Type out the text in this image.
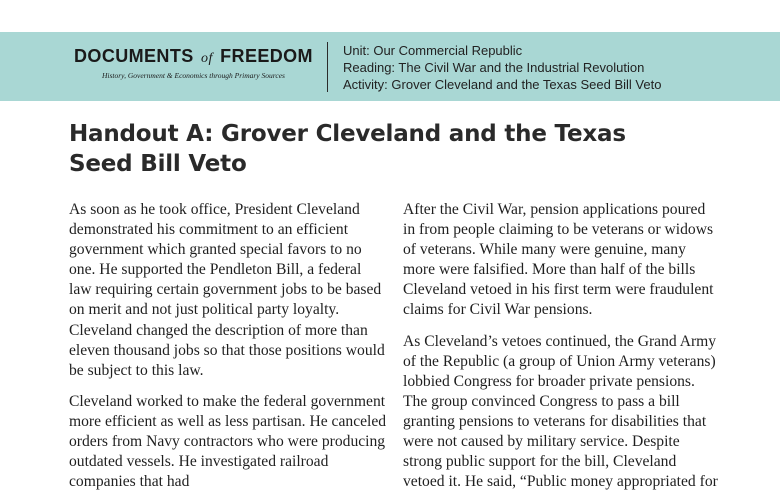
DOCUMENTS of FREEDOM
History, Government & Economics through Primary Sources
Unit: Our Commercial Republic
Reading: The Civil War and the Industrial Revolution
Activity: Grover Cleveland and the Texas Seed Bill Veto
Handout A: Grover Cleveland and the Texas Seed Bill Veto

As soon as he took office, President Cleveland demonstrated his commitment to an efficient government which granted special favors to no one. He supported the Pendleton Bill, a federal law requiring certain government jobs to be based on merit and not just political party loyalty. Cleveland changed the description of more than eleven thousand jobs so that those positions would be subject to this law.

Cleveland worked to make the federal government more efficient as well as less partisan. He canceled orders from Navy contractors who were producing outdated vessels. He investigated railroad companies that had

After the Civil War, pension applications poured in from people claiming to be veterans or widows of veterans. While many were genuine, many more were falsified. More than half of the bills Cleveland vetoed in his first term were fraudulent claims for Civil War pensions.

As Cleveland’s vetoes continued, the Grand Army of the Republic (a group of Union Army veterans) lobbied Congress for broader private pensions. The group convinced Congress to pass a bill granting pensions to veterans for disabilities that were not caused by military service. Despite strong public support for the bill, Cleveland vetoed it. He said, “Public money appropriated for
